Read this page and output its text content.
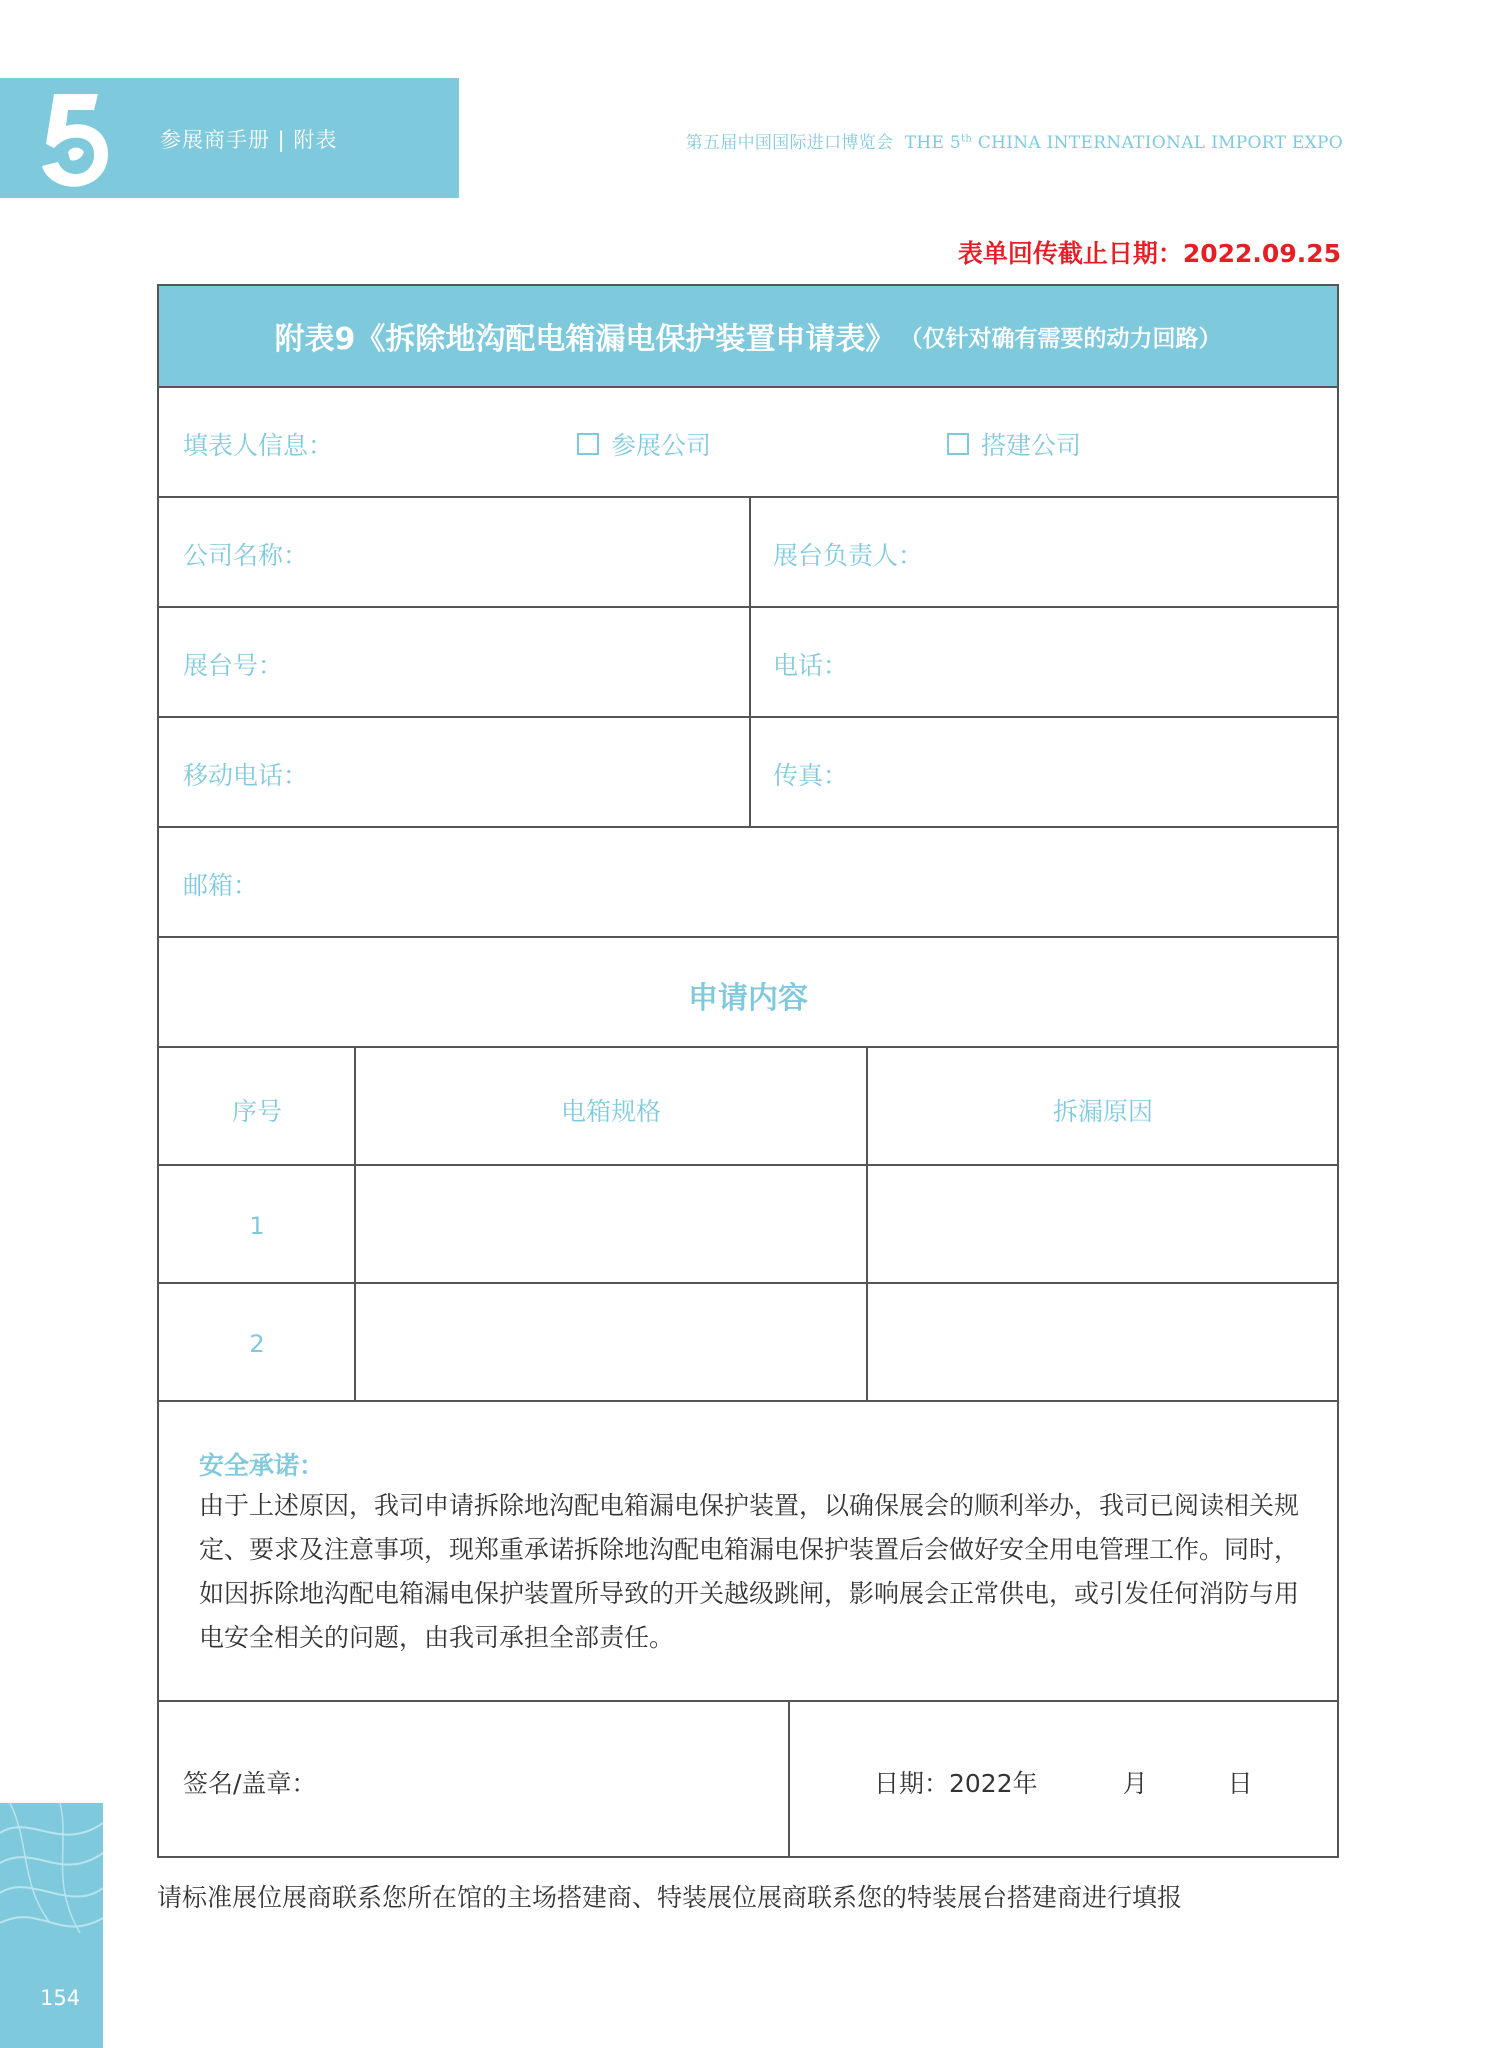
参展商手册 | 附表	第五届中国国际进口博览会 THE 5th CHINA INTERNATIONAL IMPORT EXPO
表单回传截止日期：2022.09.25
附表9《拆除地沟配电箱漏电保护装置申请表》 （仅针对确有需要的动力回路）
填表人信息：	参展公司	搭建公司
公司名称：	展台负责人：
展台号：	电话：
移动电话：	传真：
邮箱：
申请内容
序号	电箱规格	拆漏原因
1
2
安全承诺：
由于上述原因，我司申请拆除地沟配电箱漏电保护装置，以确保展会的顺利举办，我司已阅读相关规定、要求及注意事项，现郑重承诺拆除地沟配电箱漏电保护装置后会做好安全用电管理工作。同时，如因拆除地沟配电箱漏电保护装置所导致的开关越级跳闸，影响展会正常供电，或引发任何消防与用电安全相关的问题，由我司承担全部责任。
签名/盖章：	日期：2022年	月	日
请标准展位展商联系您所在馆的主场搭建商、特装展位展商联系您的特装展台搭建商进行填报
154
